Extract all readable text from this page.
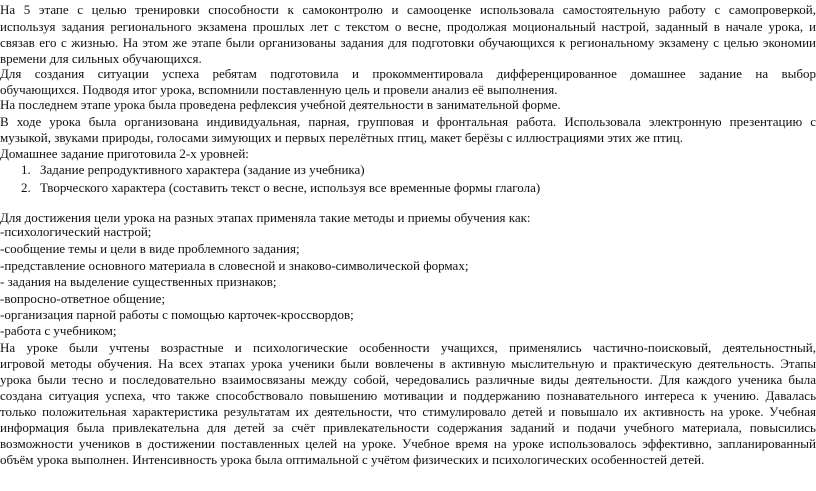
На 5 этапе с целью тренировки способности к самоконтролю и самооценке использовала самостоятельную работу с самопроверкой,

используя задания регионального экзамена прошлых лет с текстом о весне, продолжая моциональный настрой, заданный в начале урока, и

связав его с жизнью. На этом же этапе были организованы задания для подготовки обучающихся к региональному экзамену с целью экономии

времени для сильных обучающихся.

Для создания ситуации успеха ребятам подготовила и прокомментировала дифференцированное домашнее задание на выбор

обучающихся. Подводя итог урока, вспомнили поставленную цель и провели анализ её выполнения.

На последнем этапе урока была проведена рефлексия учебной деятельности в занимательной форме.

В ходе урока была организована индивидуальная, парная, групповая и фронтальная работа. Использовала электронную презентацию с

музыкой, звуками природы, голосами зимующих и первых перелётных птиц, макет берёзы с иллюстрациями этих же птиц.

Домашнее задание приготовила 2-х уровней:

1. Задание репродуктивного характера (задание из учебника)
2. Творческого характера (составить текст о весне, используя все временные формы глагола)

Для достижения цели урока на разных этапах применяла такие методы и приемы обучения как:

-психологический настрой;

-сообщение темы и цели в виде проблемного задания;

-представление основного материала в словесной и знаково-символической формах;

- задания на выделение существенных признаков;

-вопросно-ответное общение;

-организация парной работы с помощью карточек-кроссвордов;

-работа с учебником;

На уроке были учтены возрастные и психологические особенности учащихся, применялись частично-поисковый, деятельностный,

игровой методы обучения. На всех этапах урока ученики были вовлечены в активную мыслительную и практическую деятельность. Этапы

урока были тесно и последовательно взаимосвязаны между собой, чередовались различные виды деятельности. Для каждого ученика была

создана ситуация успеха, что также способствовало повышению мотивации и поддержанию познавательного интереса к учению. Давалась

только положительная характеристика результатам их деятельности, что стимулировало детей и повышало их активность на уроке. Учебная

информация была привлекательна для детей за счёт привлекательности содержания заданий и подачи учебного материала, повысились

возможности учеников в достижении поставленных целей на уроке. Учебное время на уроке использовалось эффективно, запланированный

объём урока выполнен. Интенсивность урока была оптимальной с учётом физических и психологических особенностей детей.
